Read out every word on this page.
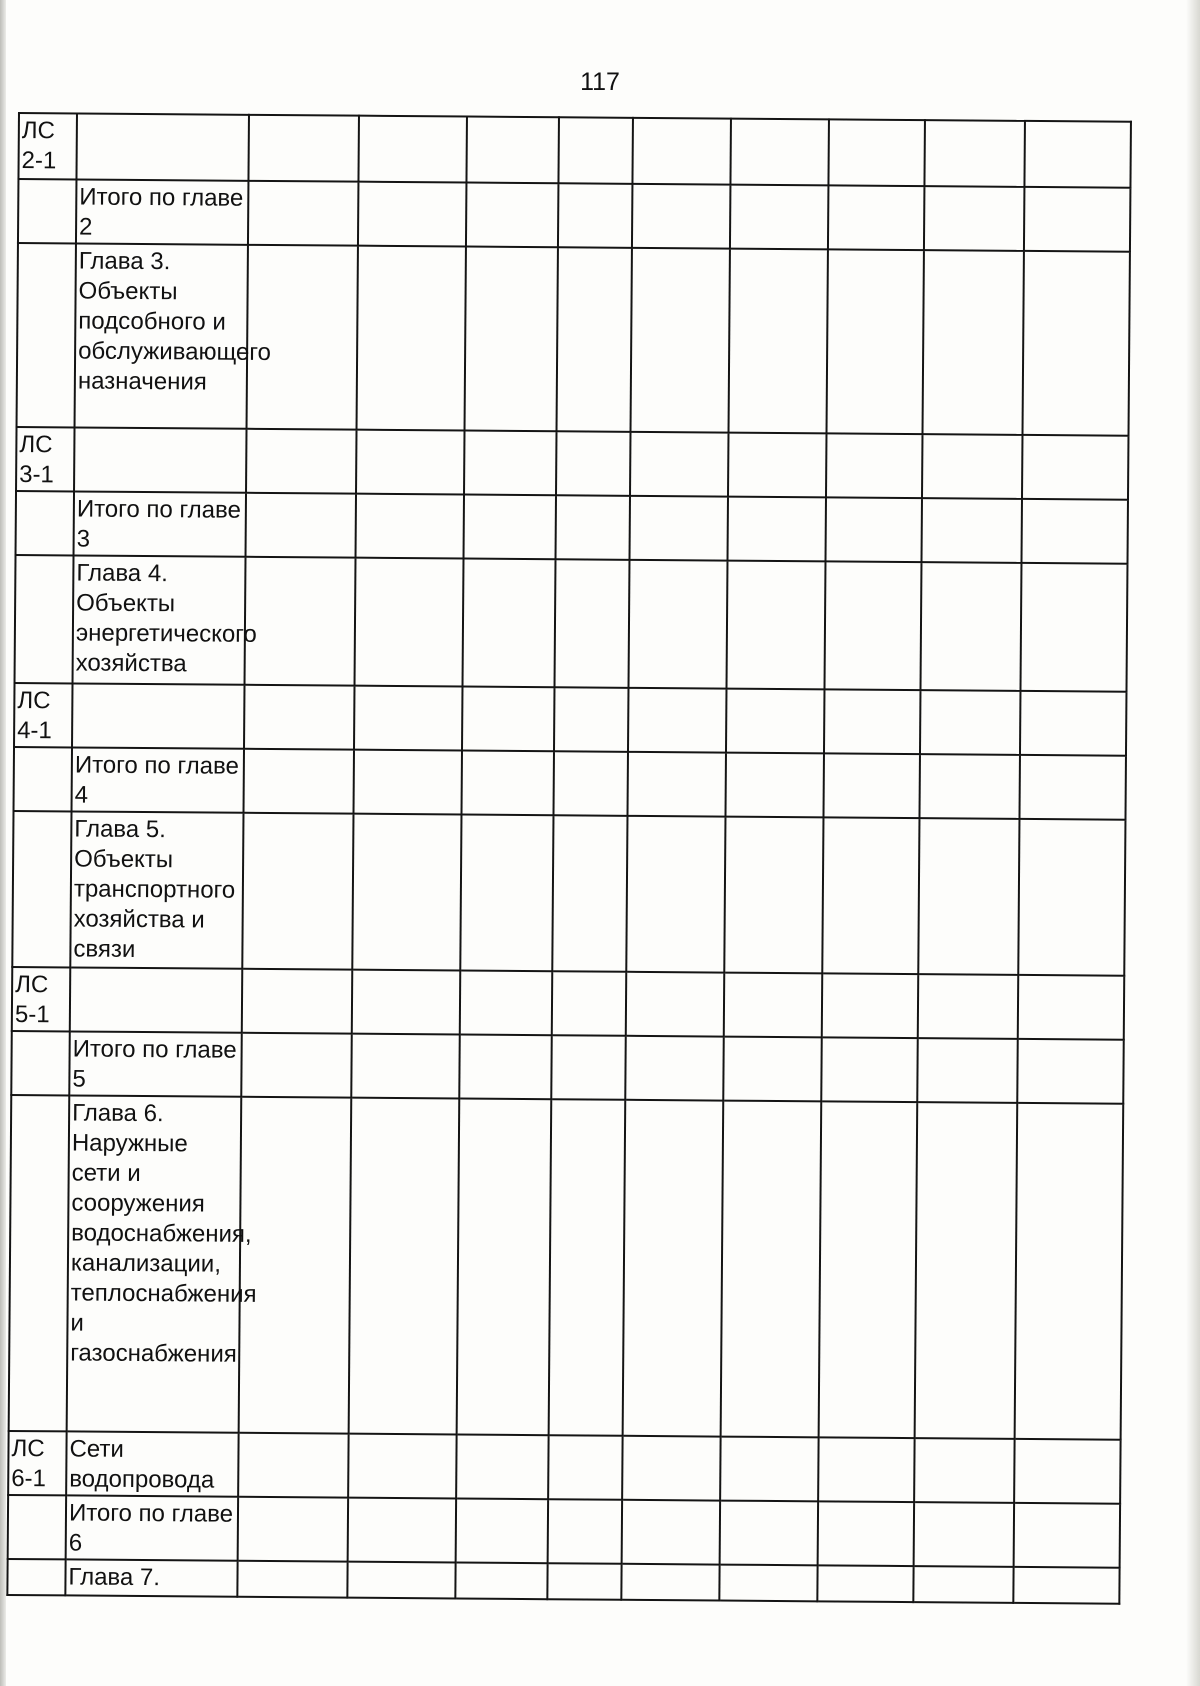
117
ЛС 2-1										
	Итого по главе 2									
	Глава 3. Объекты подсобного и обслуживающего назначения									
ЛС 3-1										
	Итого по главе 3									
	Глава 4. Объекты энергетического хозяйства									
ЛС 4-1										
	Итого по главе 4									
	Глава 5. Объекты транспортного хозяйства и связи									
ЛС 5-1										
	Итого по главе 5									
	Глава 6. Наружные сети и сооружения водоснабжения, канализации, теплоснабжения и газоснабжения									
ЛС 6-1	Сети водопровода									
	Итого по главе 6									
	Глава 7.									
